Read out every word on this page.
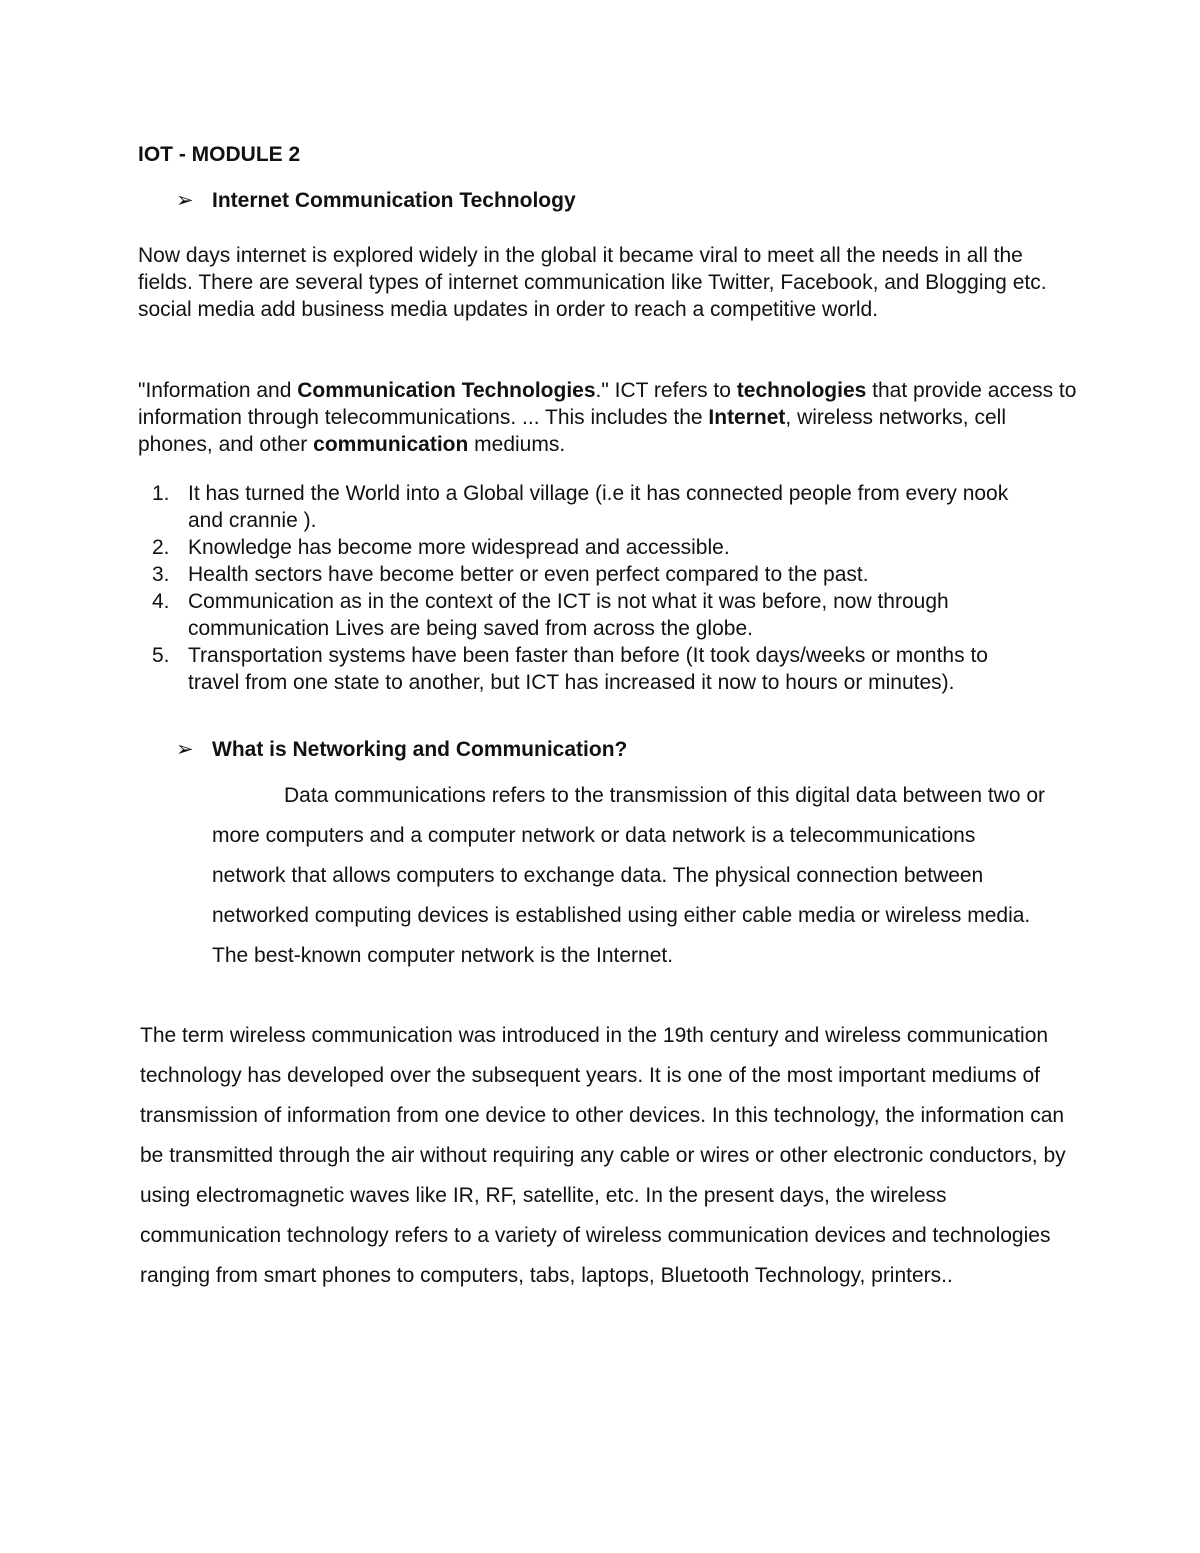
IOT - MODULE 2
➢ Internet Communication Technology
Now days internet is explored widely in the global it became viral to meet all the needs in all the fields. There are several types of internet communication like Twitter, Facebook, and Blogging etc. social media add business media updates in order to reach a competitive world.
"Information and Communication Technologies." ICT refers to technologies that provide access to information through telecommunications. ... This includes the Internet, wireless networks, cell phones, and other communication mediums.
1. It has turned the World into a Global village (i.e it has connected people from every nook and crannie ).
2. Knowledge has become more widespread and accessible.
3. Health sectors have become better or even perfect compared to the past.
4. Communication as in the context of the ICT is not what it was before, now through communication Lives are being saved from across the globe.
5. Transportation systems have been faster than before (It took days/weeks or months to travel from one state to another, but ICT has increased it now to hours or minutes).
➢ What is Networking and Communication?
Data communications refers to the transmission of this digital data between two or more computers and a computer network or data network is a telecommunications network that allows computers to exchange data. The physical connection between networked computing devices is established using either cable media or wireless media. The best-known computer network is the Internet.
The term wireless communication was introduced in the 19th century and wireless communication technology has developed over the subsequent years. It is one of the most important mediums of transmission of information from one device to other devices. In this technology, the information can be transmitted through the air without requiring any cable or wires or other electronic conductors, by using electromagnetic waves like IR, RF, satellite, etc. In the present days, the wireless communication technology refers to a variety of wireless communication devices and technologies ranging from smart phones to computers, tabs, laptops, Bluetooth Technology, printers..
